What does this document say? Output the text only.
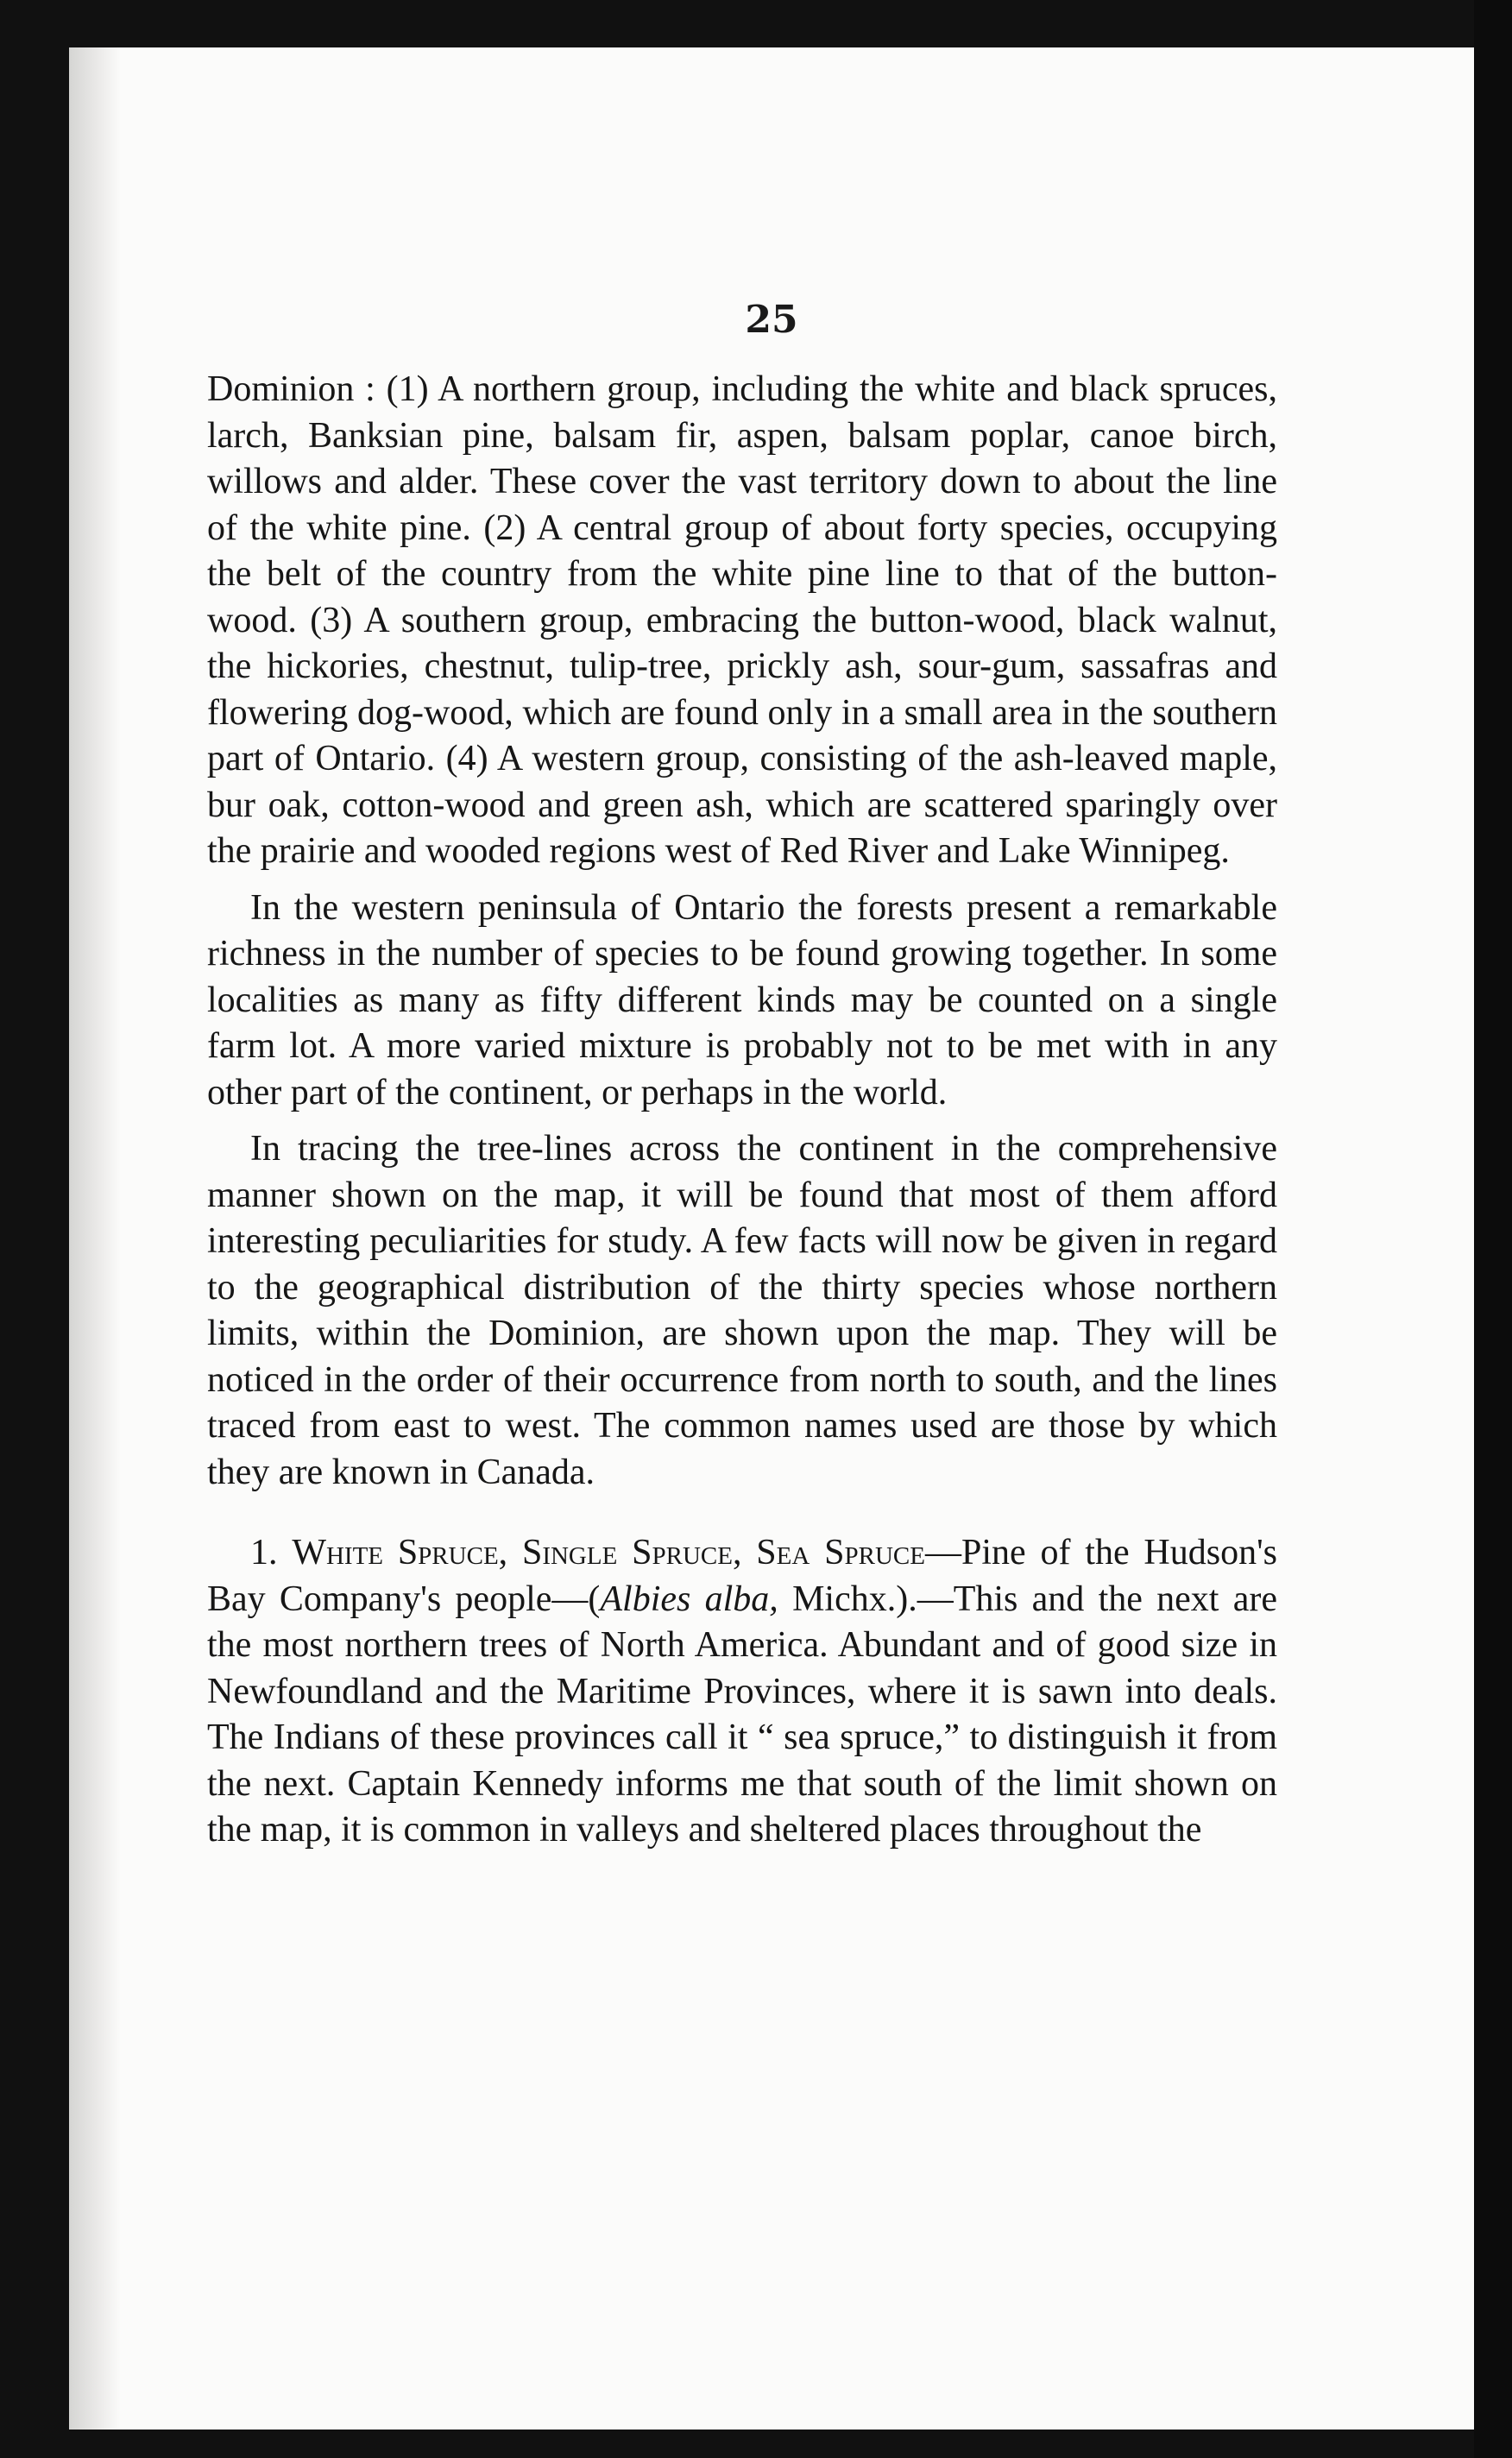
25

Dominion : (1) A northern group, including the white and black spruces, larch, Banksian pine, balsam fir, aspen, balsam poplar, canoe birch, willows and alder. These cover the vast territory down to about the line of the white pine. (2) A central group of about forty species, occupying the belt of the country from the white pine line to that of the button-wood. (3) A southern group, embracing the button-wood, black walnut, the hickories, chestnut, tulip-tree, prickly ash, sour-gum, sassafras and flowering dog-wood, which are found only in a small area in the southern part of Ontario. (4) A western group, consisting of the ash-leaved maple, bur oak, cotton-wood and green ash, which are scattered sparingly over the prairie and wooded regions west of Red River and Lake Winnipeg.

In the western peninsula of Ontario the forests present a remarkable richness in the number of species to be found growing together. In some localities as many as fifty different kinds may be counted on a single farm lot. A more varied mixture is probably not to be met with in any other part of the continent, or perhaps in the world.

In tracing the tree-lines across the continent in the comprehensive manner shown on the map, it will be found that most of them afford interesting peculiarities for study. A few facts will now be given in regard to the geographical distribution of the thirty species whose northern limits, within the Dominion, are shown upon the map. They will be noticed in the order of their occurrence from north to south, and the lines traced from east to west. The common names used are those by which they are known in Canada.

1. White Spruce, Single Spruce, Sea Spruce—Pine of the Hudson's Bay Company's people—(Albies alba, Michx.).—This and the next are the most northern trees of North America. Abundant and of good size in Newfoundland and the Maritime Provinces, where it is sawn into deals. The Indians of these provinces call it “ sea spruce,” to distinguish it from the next. Captain Kennedy informs me that south of the limit shown on the map, it is common in valleys and sheltered places throughout the
